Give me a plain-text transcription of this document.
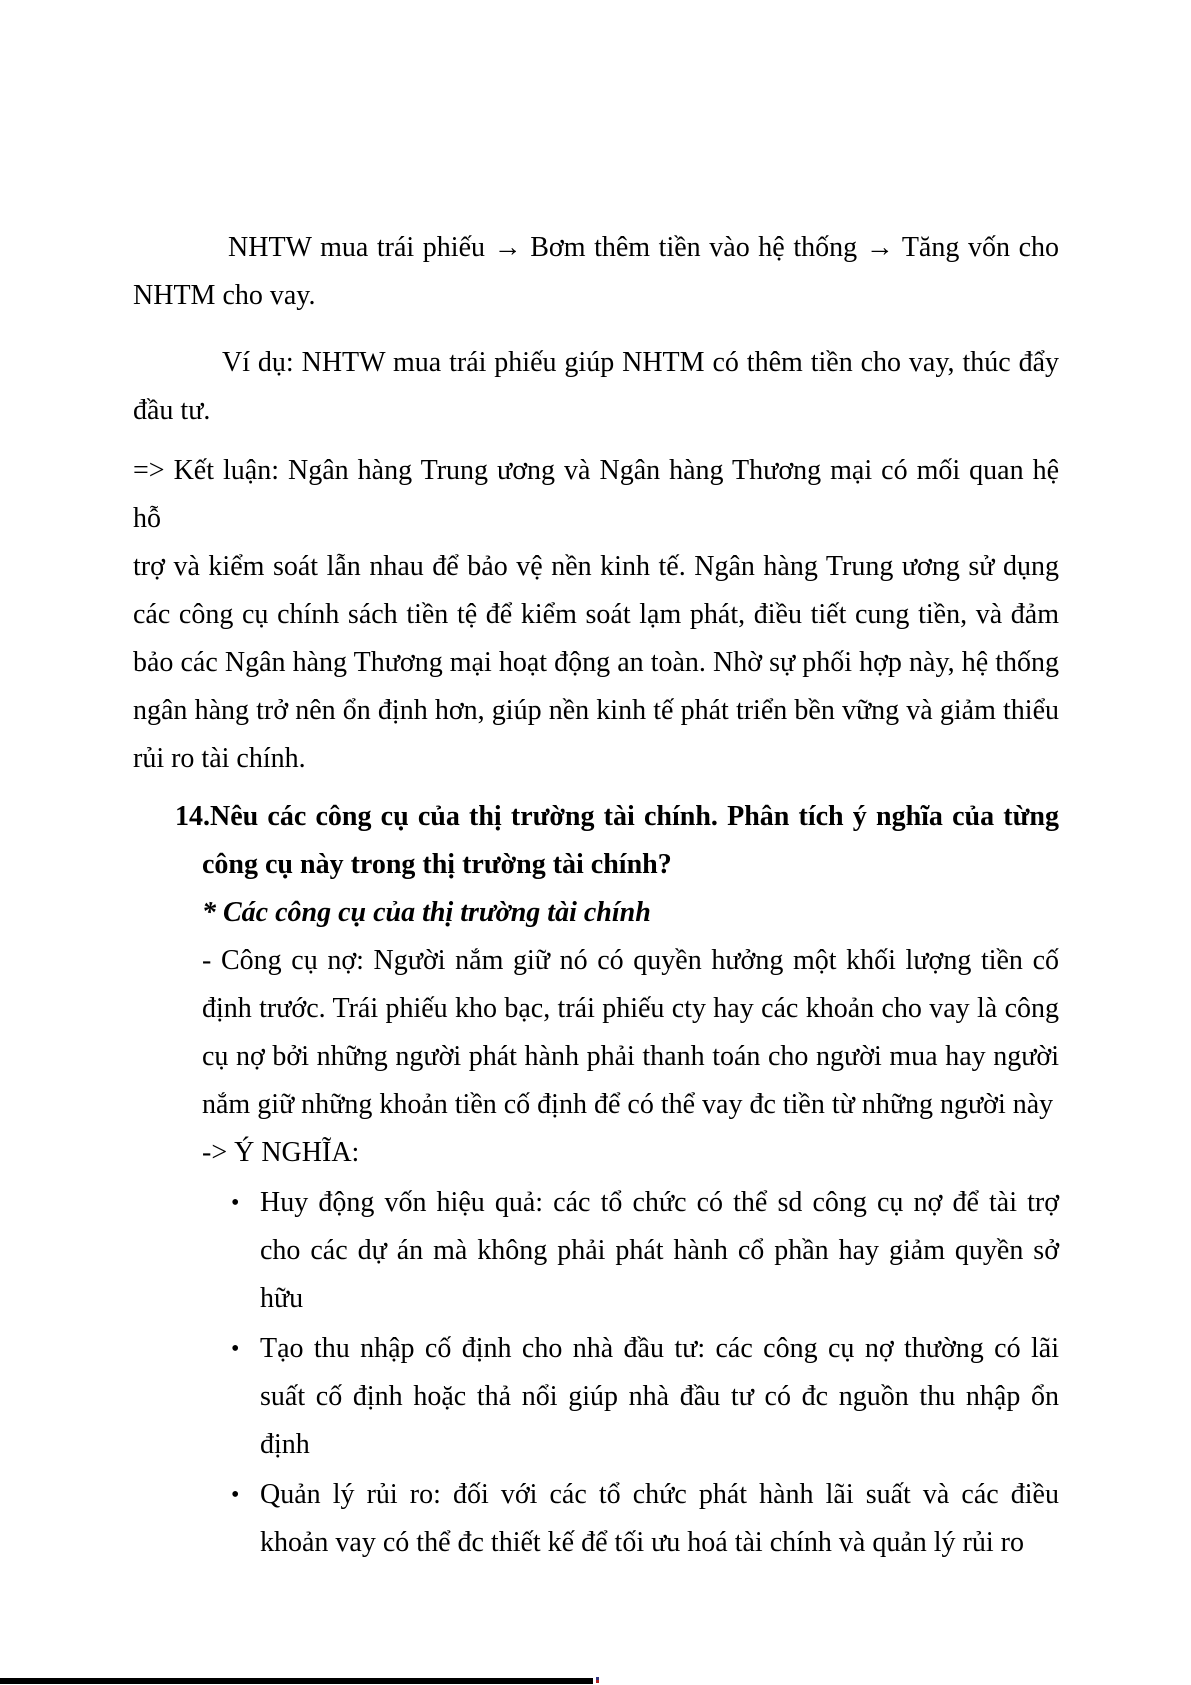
NHTW mua trái phiếu → Bơm thêm tiền vào hệ thống → Tăng vốn cho
NHTM cho vay.
Ví dụ: NHTW mua trái phiếu giúp NHTM có thêm tiền cho vay, thúc đẩy
đầu tư.
=> Kết luận: Ngân hàng Trung ương và Ngân hàng Thương mại có mối quan hệ hỗ
trợ và kiểm soát lẫn nhau để bảo vệ nền kinh tế. Ngân hàng Trung ương sử dụng
các công cụ chính sách tiền tệ để kiểm soát lạm phát, điều tiết cung tiền, và đảm
bảo các Ngân hàng Thương mại hoạt động an toàn. Nhờ sự phối hợp này, hệ thống
ngân hàng trở nên ổn định hơn, giúp nền kinh tế phát triển bền vững và giảm thiểu
rủi ro tài chính.
14.Nêu các công cụ của thị trường tài chính. Phân tích ý nghĩa của từng
công cụ này trong thị trường tài chính?
* Các công cụ của thị trường tài chính
- Công cụ nợ: Người nắm giữ nó có quyền hưởng một khối lượng tiền cố
định trước. Trái phiếu kho bạc, trái phiếu cty hay các khoản cho vay là công
cụ nợ bởi những người phát hành phải thanh toán cho người mua hay người
nắm giữ những khoản tiền cố định để có thể vay đc tiền từ những người này
-> Ý NGHĨA:
• Huy động vốn hiệu quả: các tổ chức có thể sd công cụ nợ để tài trợ
cho các dự án mà không phải phát hành cổ phần hay giảm quyền sở
hữu
• Tạo thu nhập cố định cho nhà đầu tư: các công cụ nợ thường có lãi
suất cố định hoặc thả nổi giúp nhà đầu tư có đc nguồn thu nhập ổn
định
• Quản lý rủi ro: đối với các tổ chức phát hành lãi suất và các điều
khoản vay có thể đc thiết kế để tối ưu hoá tài chính và quản lý rủi ro
